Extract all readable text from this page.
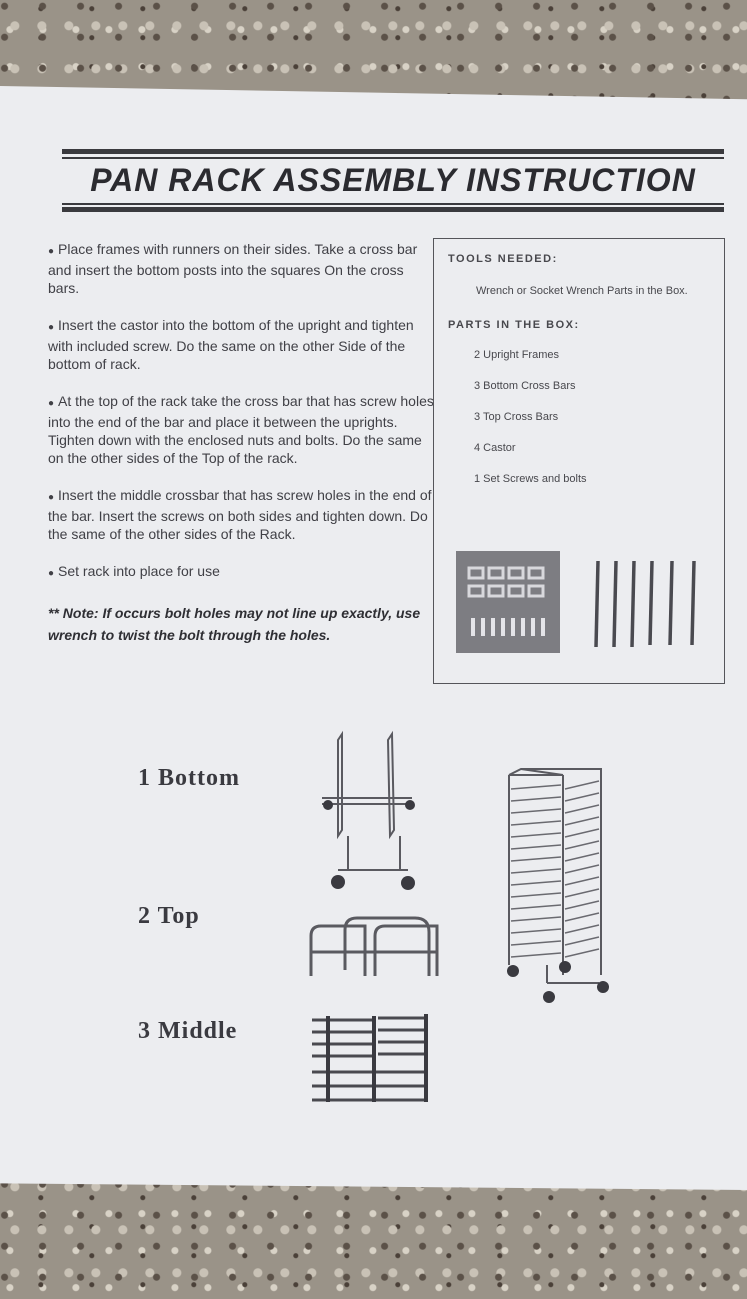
PAN RACK ASSEMBLY INSTRUCTION

● Place frames with runners on their sides. Take a cross bar and insert the bottom posts into the squares On the cross bars.

● Insert the castor into the bottom of the upright and tighten with included screw. Do the same on the other Side of the bottom of rack.

● At the top of the rack take the cross bar that has screw holes into the end of the bar and place it between the uprights. Tighten down with the enclosed nuts and bolts. Do the same on the other sides of the Top of the rack.

● Insert the middle crossbar that has screw holes in the end of the bar. Insert the screws on both sides and tighten down. Do the same of the other sides of the Rack.

● Set rack into place for use

** Note: If occurs bolt holes may not line up exactly, use wrench to twist the bolt through the holes.

TOOLS NEEDED:
Wrench or Socket Wrench Parts in the Box.
PARTS IN THE BOX:
2 Upright Frames
3 Bottom Cross Bars
3 Top Cross Bars
4 Castor
1 Set Screws and bolts
1 Bottom
2 Top
3 Middle
